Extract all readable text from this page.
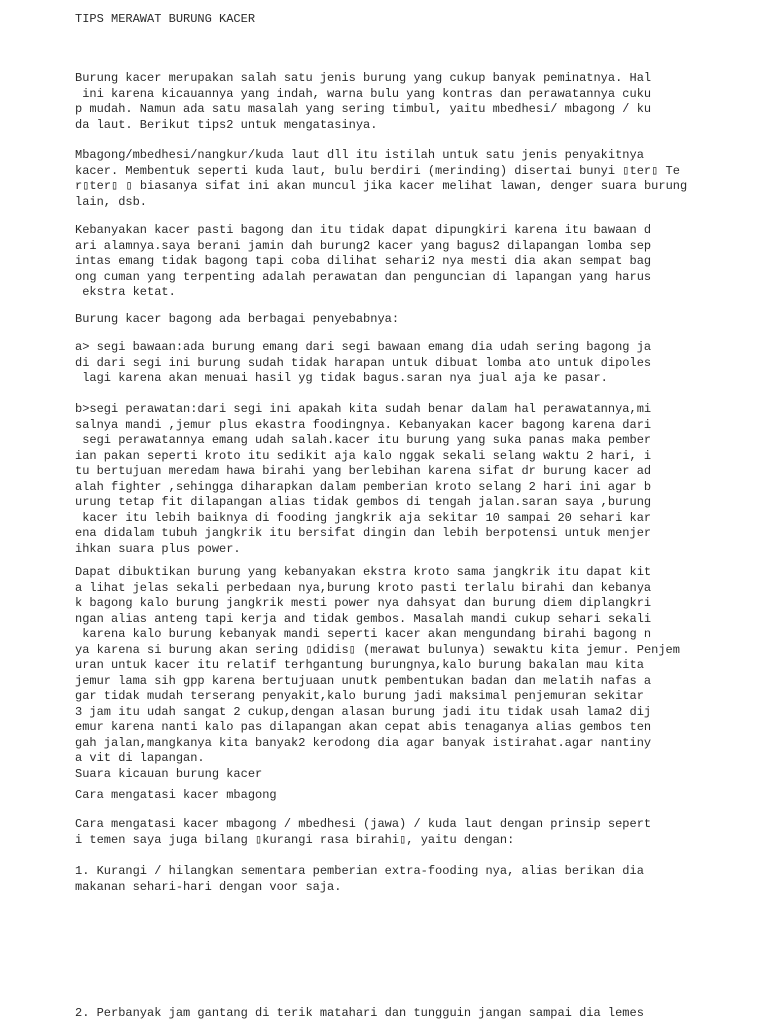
TIPS MERAWAT BURUNG KACER

Burung kacer merupakan salah satu jenis burung yang cukup banyak peminatnya. Hal
ini karena kicauannya yang indah, warna bulu yang kontras dan perawatannya cuku
p mudah. Namun ada satu masalah yang sering timbul, yaitu mbedhesi/ mbagong / ku
da laut. Berikut tips2 untuk mengatasinya.

Mbagong/mbedhesi/nangkur/kuda laut dll itu istilah untuk satu jenis penyakitnya
kacer. Membentuk seperti kuda laut, bulu berdiri (merinding) disertai bunyi ▯ter▯ Te
r▯ter▯ ▯ biasanya sifat ini akan muncul jika kacer melihat lawan, denger suara burung
lain, dsb.

Kebanyakan kacer pasti bagong dan itu tidak dapat dipungkiri karena itu bawaan d
ari alamnya.saya berani jamin dah burung2 kacer yang bagus2 dilapangan lomba sep
intas emang tidak bagong tapi coba dilihat sehari2 nya mesti dia akan sempat bag
ong cuman yang terpenting adalah perawatan dan penguncian di lapangan yang harus
ekstra ketat.

Burung kacer bagong ada berbagai penyebabnya:

a> segi bawaan:ada burung emang dari segi bawaan emang dia udah sering bagong ja
di dari segi ini burung sudah tidak harapan untuk dibuat lomba ato untuk dipoles
lagi karena akan menuai hasil yg tidak bagus.saran nya jual aja ke pasar.

b>segi perawatan:dari segi ini apakah kita sudah benar dalam hal perawatannya,mi
salnya mandi ,jemur plus ekastra foodingnya. Kebanyakan kacer bagong karena dari
segi perawatannya emang udah salah.kacer itu burung yang suka panas maka pember
ian pakan seperti kroto itu sedikit aja kalo nggak sekali selang waktu 2 hari, i
tu bertujuan meredam hawa birahi yang berlebihan karena sifat dr burung kacer ad
alah fighter ,sehingga diharapkan dalam pemberian kroto selang 2 hari ini agar b
urung tetap fit dilapangan alias tidak gembos di tengah jalan.saran saya ,burung
kacer itu lebih baiknya di fooding jangkrik aja sekitar 10 sampai 20 sehari kar
ena didalam tubuh jangkrik itu bersifat dingin dan lebih berpotensi untuk menjer
ihkan suara plus power.

Dapat dibuktikan burung yang kebanyakan ekstra kroto sama jangkrik itu dapat kit
a lihat jelas sekali perbedaan nya,burung kroto pasti terlalu birahi dan kebanya
k bagong kalo burung jangkrik mesti power nya dahsyat dan burung diem diplangkri
ngan alias anteng tapi kerja and tidak gembos. Masalah mandi cukup sehari sekali
karena kalo burung kebanyak mandi seperti kacer akan mengundang birahi bagong n
ya karena si burung akan sering ▯didis▯ (merawat bulunya) sewaktu kita jemur. Penjem
uran untuk kacer itu relatif terhgantung burungnya,kalo burung bakalan mau kita
jemur lama sih gpp karena bertujuaan unutk pembentukan badan dan melatih nafas a
gar tidak mudah terserang penyakit,kalo burung jadi maksimal penjemuran sekitar
3 jam itu udah sangat 2 cukup,dengan alasan burung jadi itu tidak usah lama2 dij
emur karena nanti kalo pas dilapangan akan cepat abis tenaganya alias gembos ten
gah jalan,mangkanya kita banyak2 kerodong dia agar banyak istirahat.agar nantiny
a vit di lapangan.
Suara kicauan burung kacer

Cara mengatasi kacer mbagong

Cara mengatasi kacer mbagong / mbedhesi (jawa) / kuda laut dengan prinsip sepert
i temen saya juga bilang ▯kurangi rasa birahi▯, yaitu dengan:

1. Kurangi / hilangkan sementara pemberian extra-fooding nya, alias berikan dia
makanan sehari-hari dengan voor saja.

2. Perbanyak jam gantang di terik matahari dan tungguin jangan sampai dia lemes
